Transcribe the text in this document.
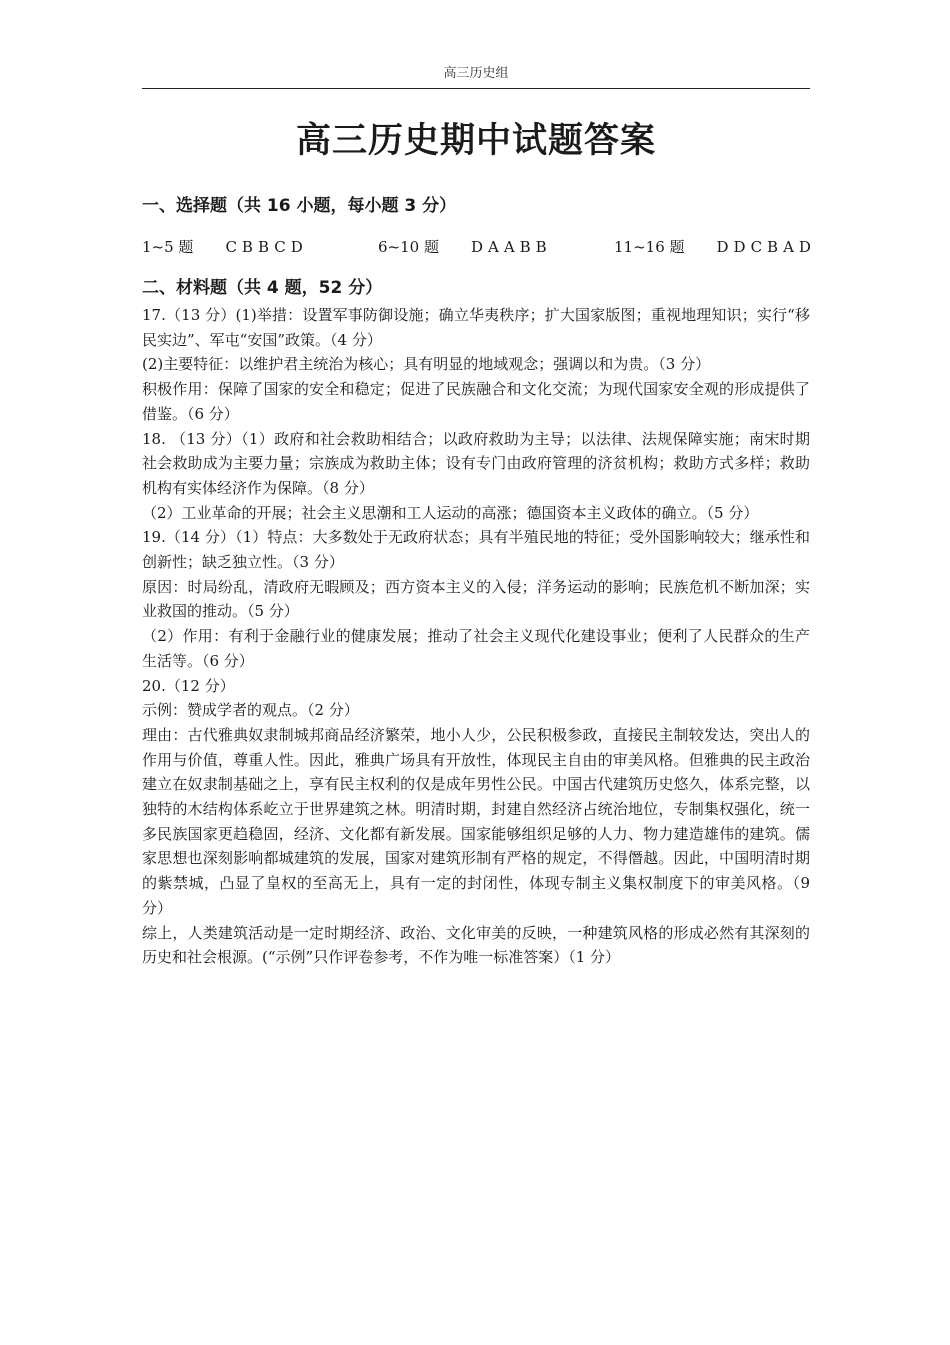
高三历史组
高三历史期中试题答案
一、选择题（共 16 小题，每小题 3 分）
1~5 题 CBBCD	6~10 题 DAABB	11~16 题 DDCBAD
二、材料题（共 4 题，52 分）

17.（13 分）(1)举措：设置军事防御设施；确立华夷秩序；扩大国家版图；重视地理知识；实行“移民实边”、军屯“安国”政策。（4 分）

(2)主要特征：以维护君主统治为核心；具有明显的地域观念；强调以和为贵。（3 分）

积极作用：保障了国家的安全和稳定；促进了民族融合和文化交流；为现代国家安全观的形成提供了借鉴。（6 分）

18. （13 分）（1）政府和社会救助相结合；以政府救助为主导；以法律、法规保障实施；南宋时期社会救助成为主要力量；宗族成为救助主体；设有专门由政府管理的济贫机构；救助方式多样；救助机构有实体经济作为保障。（8 分）

（2）工业革命的开展；社会主义思潮和工人运动的高涨；德国资本主义政体的确立。（5 分）

19.（14 分）（1）特点：大多数处于无政府状态；具有半殖民地的特征；受外国影响较大；继承性和创新性；缺乏独立性。（3 分）

原因：时局纷乱，清政府无暇顾及；西方资本主义的入侵；洋务运动的影响；民族危机不断加深；实业救国的推动。（5 分）

（2）作用：有利于金融行业的健康发展；推动了社会主义现代化建设事业；便利了人民群众的生产生活等。（6 分）

20.（12 分）

示例：赞成学者的观点。（2 分）

理由：古代雅典奴隶制城邦商品经济繁荣，地小人少，公民积极参政，直接民主制较发达，突出人的作用与价值，尊重人性。因此，雅典广场具有开放性，体现民主自由的审美风格。但雅典的民主政治建立在奴隶制基础之上，享有民主权利的仅是成年男性公民。中国古代建筑历史悠久，体系完整，以独特的木结构体系屹立于世界建筑之林。明清时期，封建自然经济占统治地位，专制集权强化，统一多民族国家更趋稳固，经济、文化都有新发展。国家能够组织足够的人力、物力建造雄伟的建筑。儒家思想也深刻影响都城建筑的发展，国家对建筑形制有严格的规定，不得僭越。因此，中国明清时期的紫禁城，凸显了皇权的至高无上，具有一定的封闭性，体现专制主义集权制度下的审美风格。（9 分）

综上，人类建筑活动是一定时期经济、政治、文化审美的反映，一种建筑风格的形成必然有其深刻的历史和社会根源。(“示例”只作评卷参考，不作为唯一标准答案）（1 分）
